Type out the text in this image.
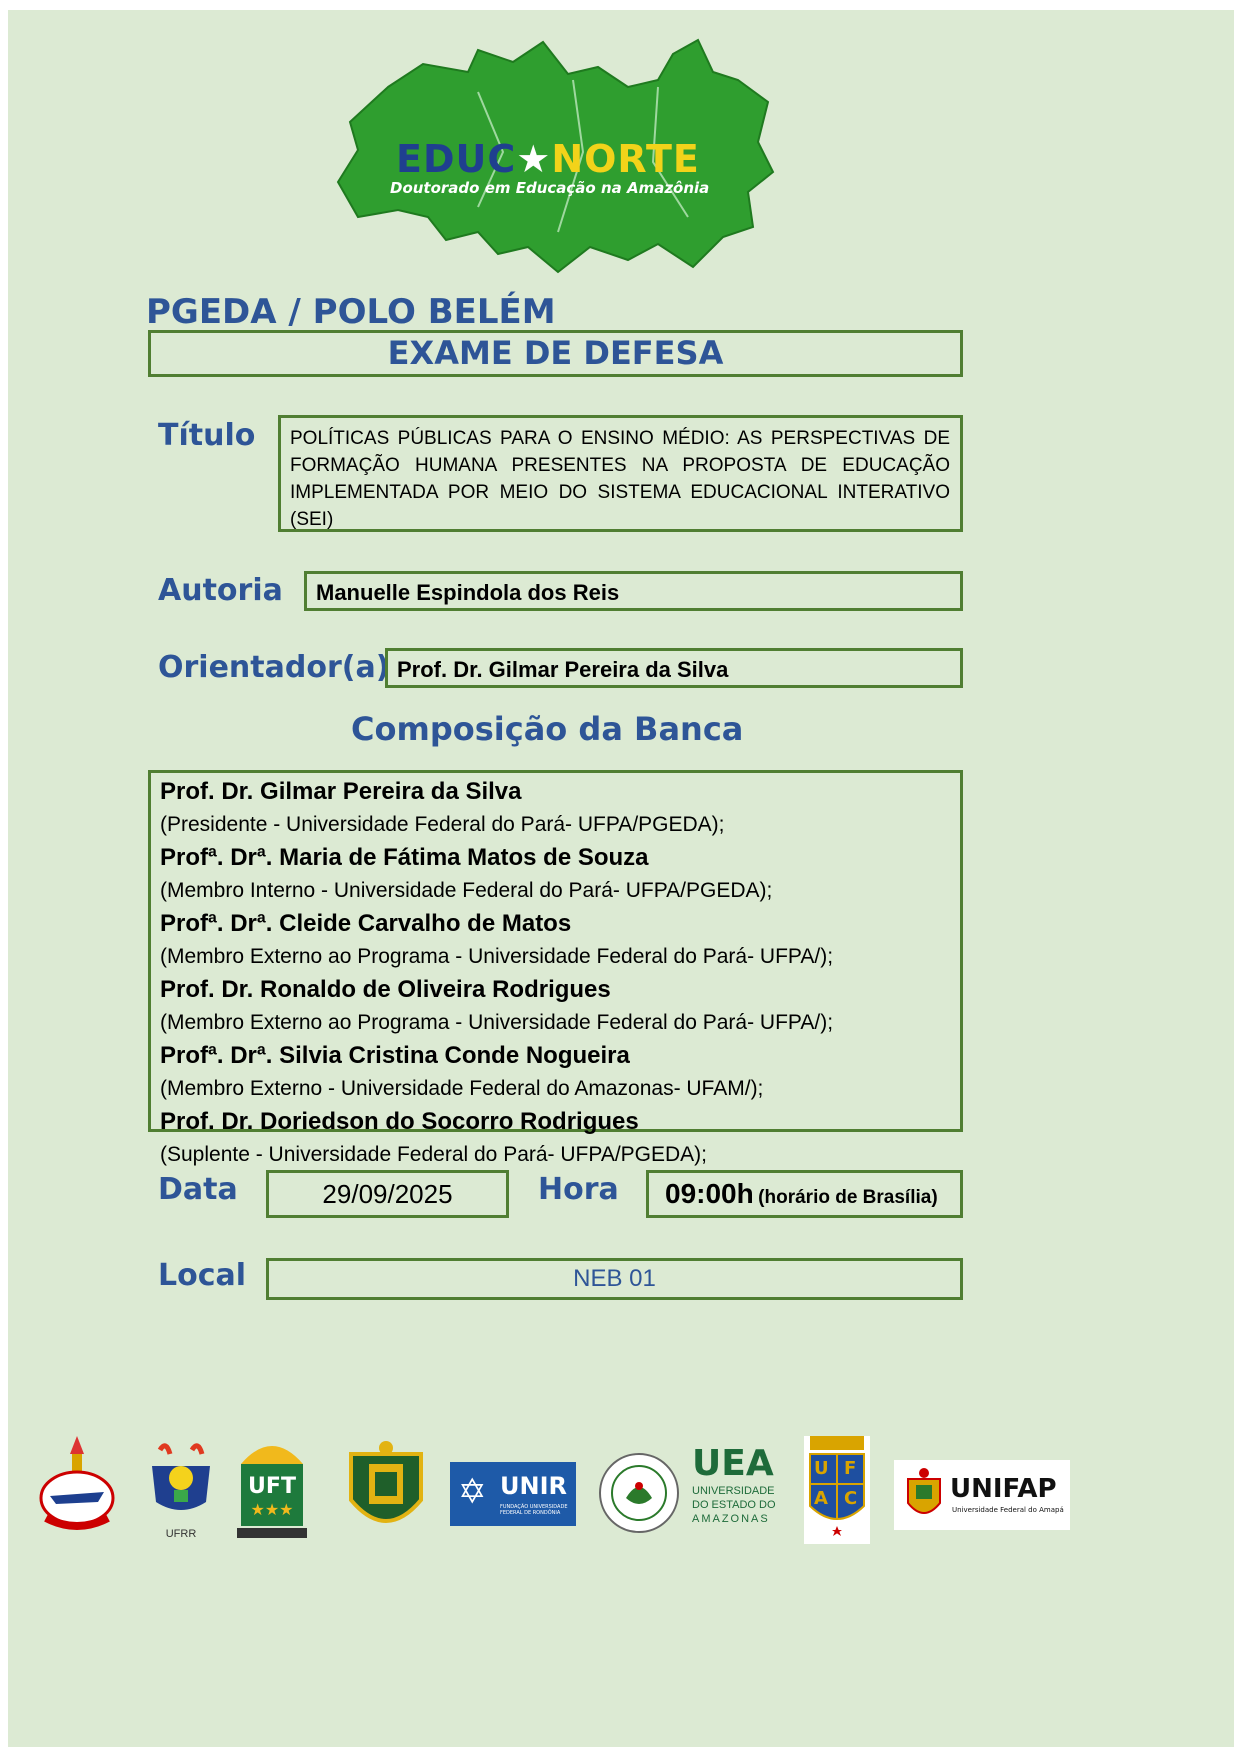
EDUC★NORTE
Doutorado em Educação na Amazônia
PGEDA / POLO BELÉM
EXAME DE DEFESA
Título POLÍTICAS PÚBLICAS PARA O ENSINO MÉDIO: AS PERSPECTIVAS DE FORMAÇÃO HUMANA PRESENTES NA PROPOSTA DE EDUCAÇÃO IMPLEMENTADA POR MEIO DO SISTEMA EDUCACIONAL INTERATIVO (SEI)
Autoria Manuelle Espindola dos Reis
Orientador(a) Prof. Dr. Gilmar Pereira da Silva
Composição da Banca
Prof. Dr. Gilmar Pereira da Silva
(Presidente - Universidade Federal do Pará- UFPA/PGEDA);
Profª. Drª. Maria de Fátima Matos de Souza
(Membro Interno - Universidade Federal do Pará- UFPA/PGEDA);
Profª. Drª. Cleide Carvalho de Matos
(Membro Externo ao Programa - Universidade Federal do Pará- UFPA/);
Prof. Dr. Ronaldo de Oliveira Rodrigues
(Membro Externo ao Programa - Universidade Federal do Pará- UFPA/);
Profª. Drª. Silvia Cristina Conde Nogueira
(Membro Externo - Universidade Federal do Amazonas- UFAM/);
Prof. Dr. Doriedson do Socorro Rodrigues
(Suplente - Universidade Federal do Pará- UFPA/PGEDA);
Data	29/09/2025	Hora 09:00h (horário de Brasília)
Local	NEB 01
UFRR
UFT
★★★	✡ UNIR
FUNDAÇÃO UNIVERSIDADE FEDERAL DE RONDÔNIA
UEA
UNIVERSIDADE
DO ESTADO DO
AMAZONAS
U F
A C	UNIFAP
Universidade Federal do Amapá
